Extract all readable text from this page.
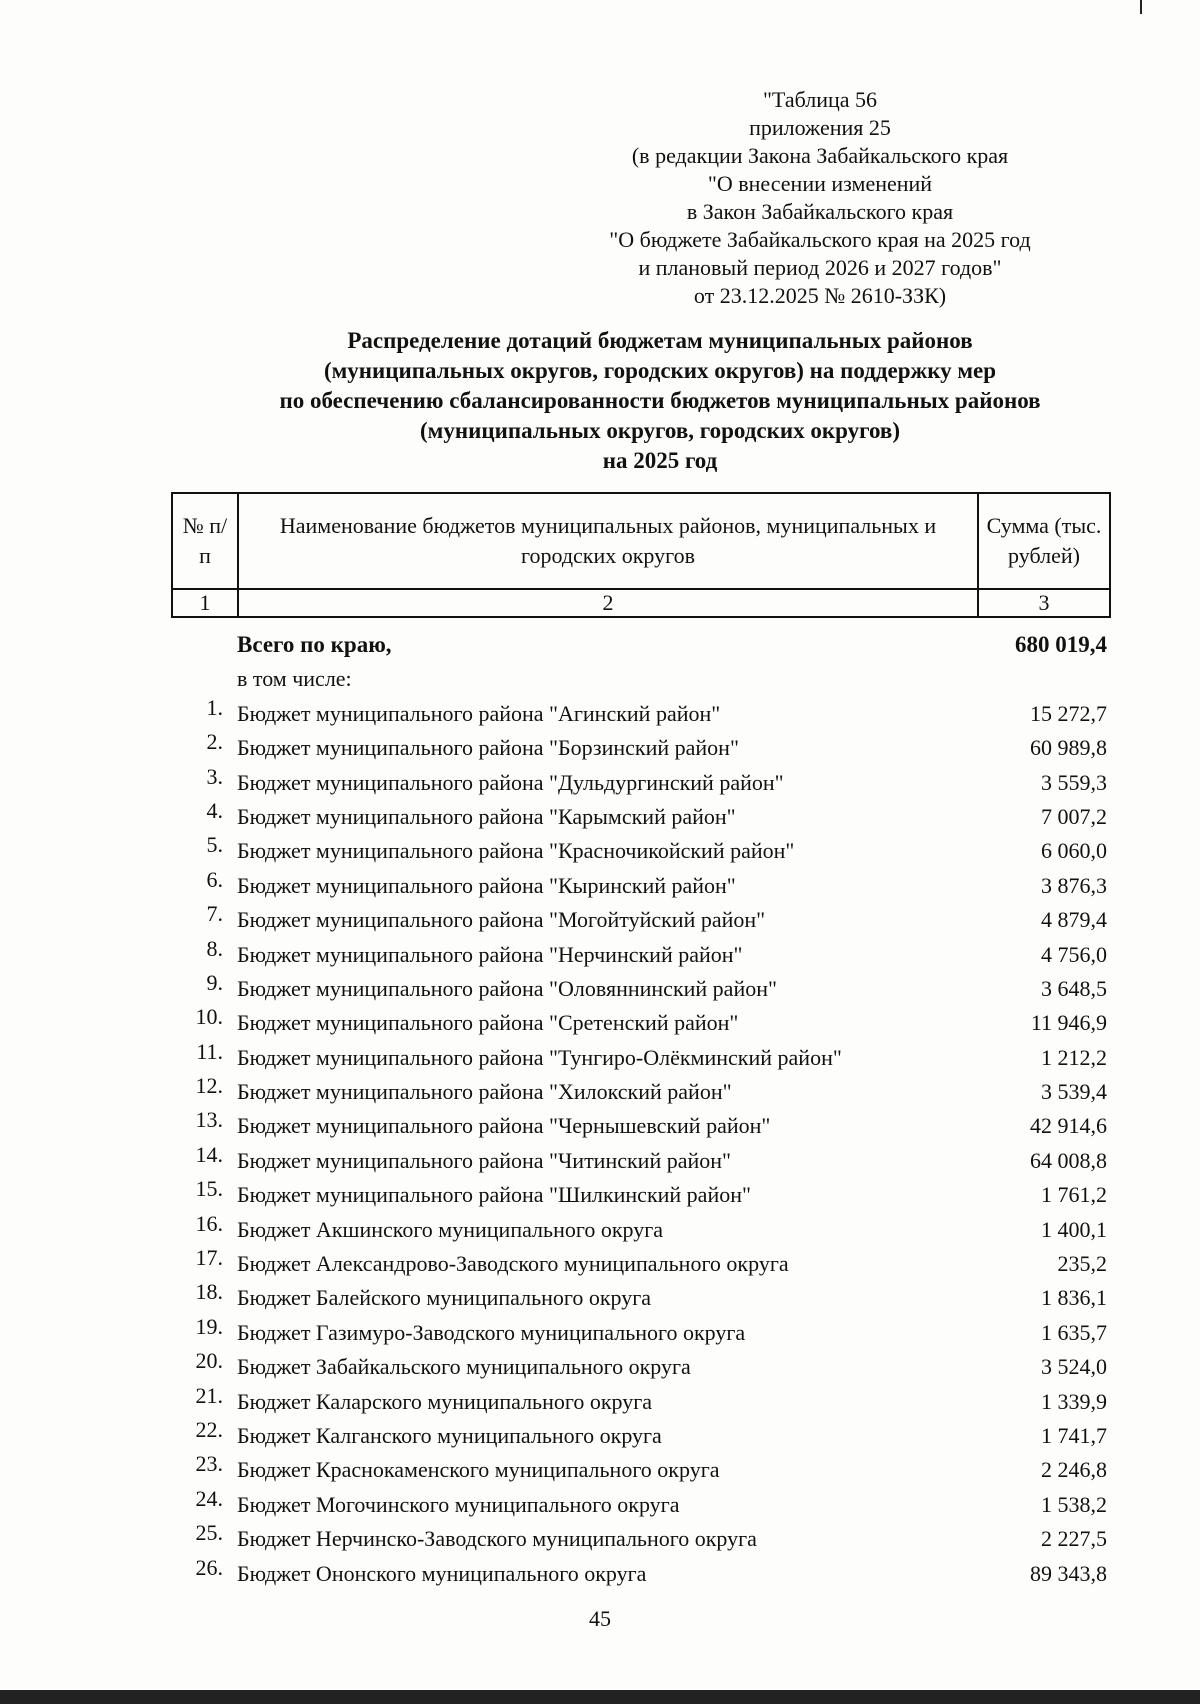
"Таблица 56
приложения 25
(в редакции Закона Забайкальского края
"О внесении изменений
в Закон Забайкальского края
"О бюджете Забайкальского края на 2025 год
и плановый период 2026 и 2027 годов"
от 23.12.2025 № 2610-ЗЗК)
Распределение дотаций бюджетам муниципальных районов
(муниципальных округов, городских округов) на поддержку мер
по обеспечению сбалансированности бюджетов муниципальных районов
(муниципальных округов, городских округов)
на 2025 год
№ п/п	Наименование бюджетов муниципальных районов, муниципальных и городских округов	Сумма (тыс. рублей)
1	2	3
Всего по краю,	680 019,4
в том числе:
1. Бюджет муниципального района "Агинский район"	15 272,7
2. Бюджет муниципального района "Борзинский район"	60 989,8
3. Бюджет муниципального района "Дульдургинский район"	3 559,3
4. Бюджет муниципального района "Карымский район"	7 007,2
5. Бюджет муниципального района "Красночикойский район"	6 060,0
6. Бюджет муниципального района "Кыринский район"	3 876,3
7. Бюджет муниципального района "Могойтуйский район"	4 879,4
8. Бюджет муниципального района "Нерчинский район"	4 756,0
9. Бюджет муниципального района "Оловяннинский район"	3 648,5
10. Бюджет муниципального района "Сретенский район"	11 946,9
11. Бюджет муниципального района "Тунгиро-Олёкминский район"	1 212,2
12. Бюджет муниципального района "Хилокский район"	3 539,4
13. Бюджет муниципального района "Чернышевский район"	42 914,6
14. Бюджет муниципального района "Читинский район"	64 008,8
15. Бюджет муниципального района "Шилкинский район"	1 761,2
16. Бюджет Акшинского муниципального округа	1 400,1
17. Бюджет Александрово-Заводского муниципального округа	235,2
18. Бюджет Балейского муниципального округа	1 836,1
19. Бюджет Газимуро-Заводского муниципального округа	1 635,7
20. Бюджет Забайкальского муниципального округа	3 524,0
21. Бюджет Каларского муниципального округа	1 339,9
22. Бюджет Калганского муниципального округа	1 741,7
23. Бюджет Краснокаменского муниципального округа	2 246,8
24. Бюджет Могочинского муниципального округа	1 538,2
25. Бюджет Нерчинско-Заводского муниципального округа	2 227,5
26. Бюджет Ононского муниципального округа	89 343,8
45
